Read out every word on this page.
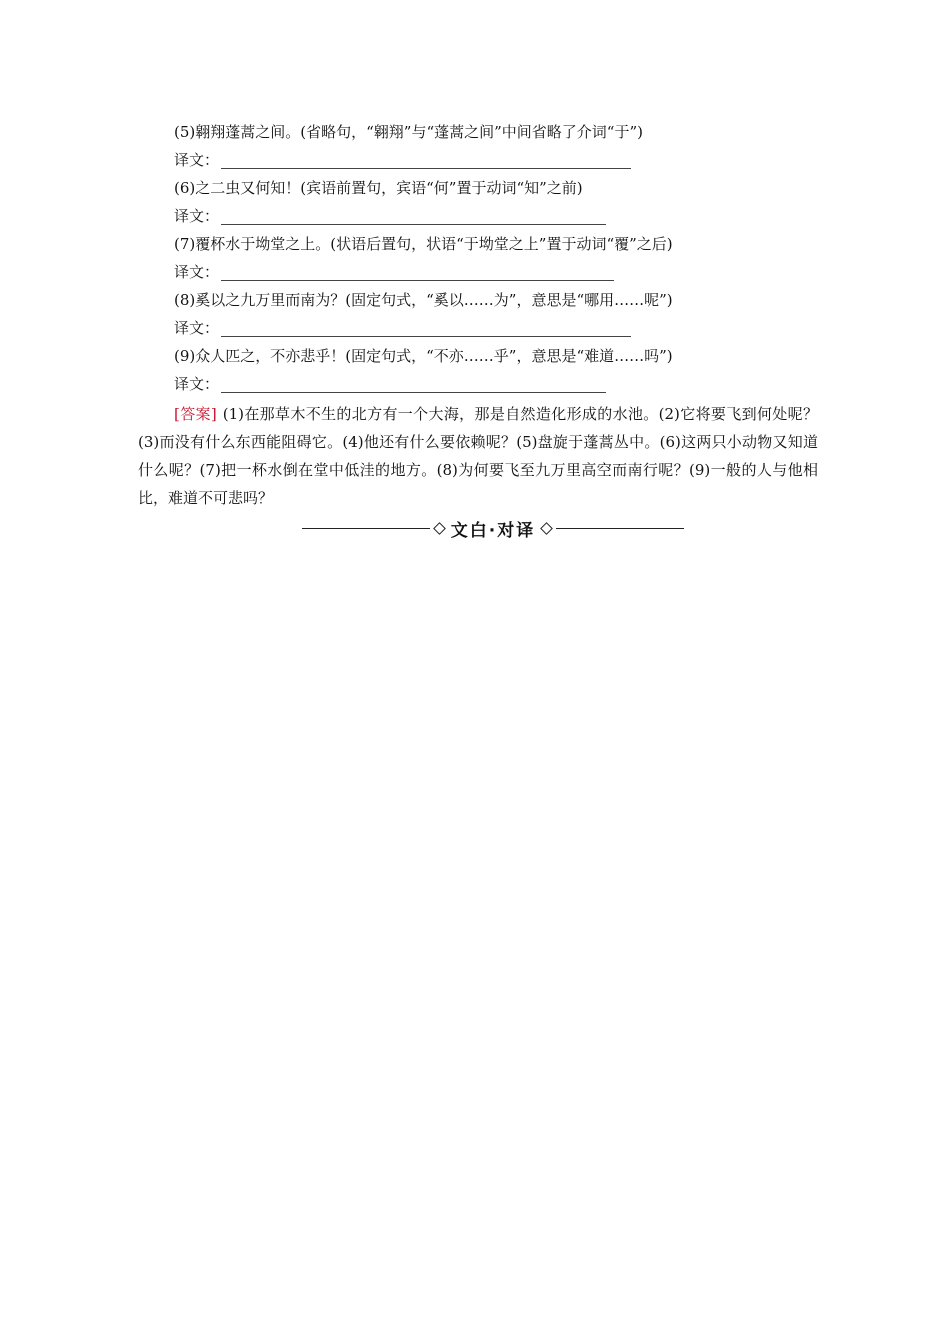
(5)翱翔蓬蒿之间。(省略句，“翱翔”与“蓬蒿之间”中间省略了介词“于”)
译文：
(6)之二虫又何知！(宾语前置句，宾语“何”置于动词“知”之前)
译文：
(7)覆杯水于坳堂之上。(状语后置句，状语“于坳堂之上”置于动词“覆”之后)
译文：
(8)奚以之九万里而南为？(固定句式，“奚以……为”，意思是“哪用……呢”)
译文：
(9)众人匹之，不亦悲乎！(固定句式，“不亦……乎”，意思是“难道……吗”)
译文：
[答案] (1)在那草木不生的北方有一个大海，那是自然造化形成的水池。(2)它将要飞到何处呢？(3)而没有什么东西能阻碍它。(4)他还有什么要依赖呢？(5)盘旋于蓬蒿丛中。(6)这两只小动物又知道什么呢？(7)把一杯水倒在堂中低洼的地方。(8)为何要飞至九万里高空而南行呢？(9)一般的人与他相比，难道不可悲吗？
文白·对译
